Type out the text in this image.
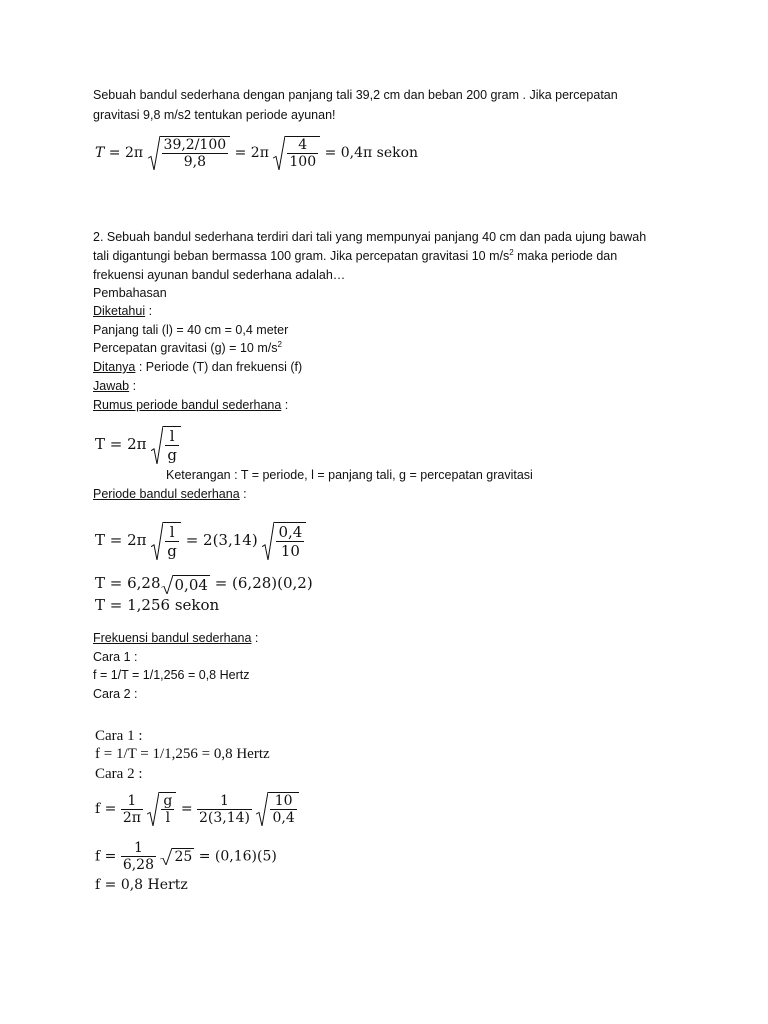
Sebuah bandul sederhana dengan panjang tali 39,2 cm dan beban 200 gram . Jika percepatan
gravitasi 9,8 m/s2 tentukan periode ayunan!
$T = 2\pi \frac{39,2/100}{9,8} = 2\pi \frac{4}{100} = 0,4\pi$ sekon
2. Sebuah bandul sederhana terdiri dari tali yang mempunyai panjang 40 cm dan pada ujung bawah
tali digantungi beban bermassa 100 gram. Jika percepatan gravitasi 10 $m/s^2$ maka periode dan
frekuensi ayunan bandul sederhana adalah…
Pembahasan
Diketahui :
Panjang tali (l) = 40 cm = 0,4 meter
Percepatan gravitasi (g) = 10 $m/s^2$
Ditanya : Periode (T) dan frekuensi (f)
Jawab :
Rumus periode bandul sederhana :
$T = 2\pi \frac{l}{g}$
Keterangan : T = periode, l = panjang tali, g = percepatan gravitasi
Periode bandul sederhana :
$T = 2\pi \frac{l}{g} = 2(3,14) \frac{0,4}{10}$
T = 6,28 0,04 = (6,28)(0,2)
T = 1,256 sekon
Frekuensi bandul sederhana :
Cara 1 :
f = 1/T = 1/1,256 = 0,8 Hertz
Cara 2 :
Cara 1 :
f = 1/T = 1/1,256 = 0,8 Hertz
Cara 2 :
$f = \frac{1}{2\pi}$
$\frac{g}{l} = \frac{1}{2(3,14)}$
$\frac{10}{0,4}$
$f = \frac{1}{6,28}$
25 = (0,16)(5)
f = 0,8 Hertz
